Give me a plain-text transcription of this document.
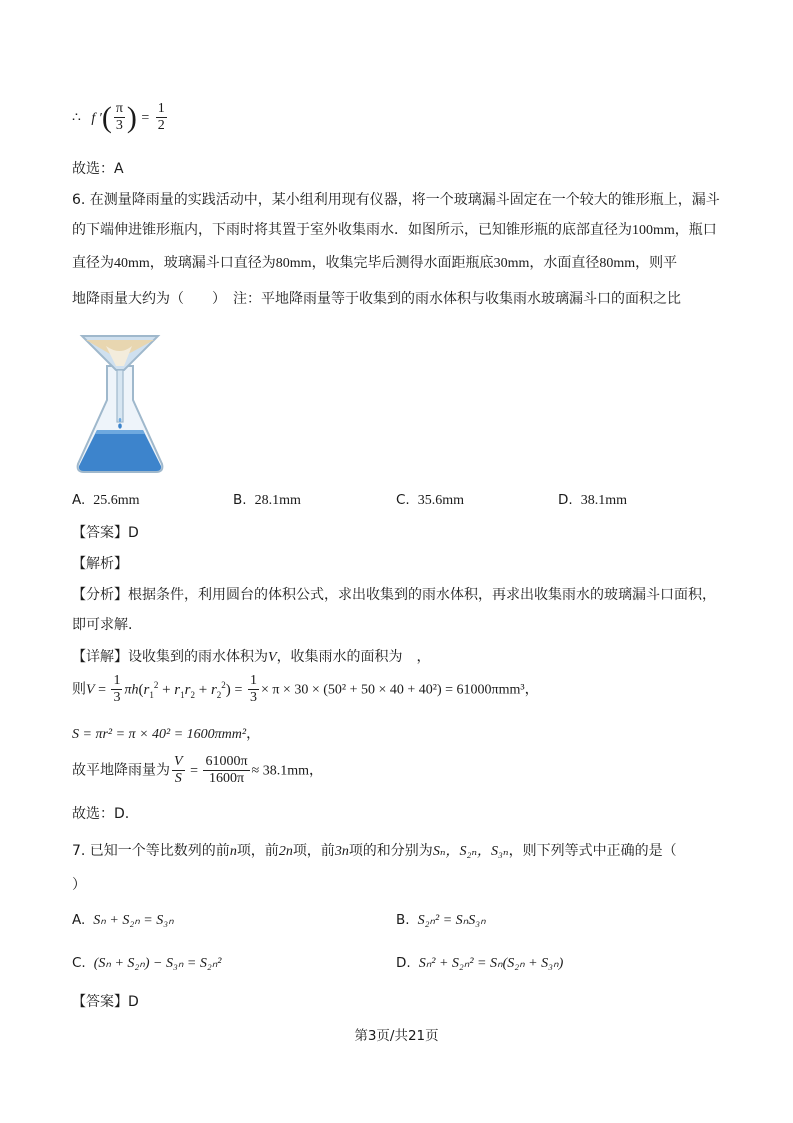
∴ f ′( $\frac{\pi}{3}$ ) = $\frac{1}{2}$
故选：A
6. 在测量降雨量的实践活动中，某小组利用现有仪器，将一个玻璃漏斗固定在一个较大的锥形瓶上，漏斗
的下端伸进锥形瓶内，下雨时将其置于室外收集雨水．如图所示，已知锥形瓶的底部直径为100mm，瓶口
直径为40mm，玻璃漏斗口直径为80mm，收集完毕后测得水面距瓶底30mm，水面直径80mm，则平
地降雨量大约为（　　）　注：平地降雨量等于收集到的雨水体积与收集雨水玻璃漏斗口的面积之比
A. 25.6mm	B. 28.1mm	C. 35.6mm	D. 38.1mm
【答案】D
【解析】
【分析】根据条件，利用圆台的体积公式，求出收集到的雨水体积，再求出收集雨水的玻璃漏斗口面积，
即可求解.
【详解】设收集到的雨水体积为V，收集雨水的面积为　，
则$V = \frac{1}{3} \pi h(r_1^2 + r_1r_2 + r_2^2) = \frac{1}{3} \times \pi \times 30 \times (50^2 + 50 \times 40 + 40^2) = 61000\pi mm^3$，
S = πr² = π × 40² = 1600πmm²，
故平地降雨量为 $\frac{V}{S} = \frac{61000\pi}{1600\pi} \approx 38.1mm$，
故选：D.
7. 已知一个等比数列的前n项，前2n项，前3n项的和分别为Sₙ，S₂ₙ，S₃ₙ，则下列等式中正确的是（
）
A. Sₙ + S₂ₙ = S₃ₙ	B. S₂ₙ² = SₙS₃ₙ
C. (Sₙ + S₂ₙ) − S₃ₙ = S₂ₙ²	D. Sₙ² + S₂ₙ² = Sₙ(S₂ₙ + S₃ₙ)
【答案】D
第3页/共21页
